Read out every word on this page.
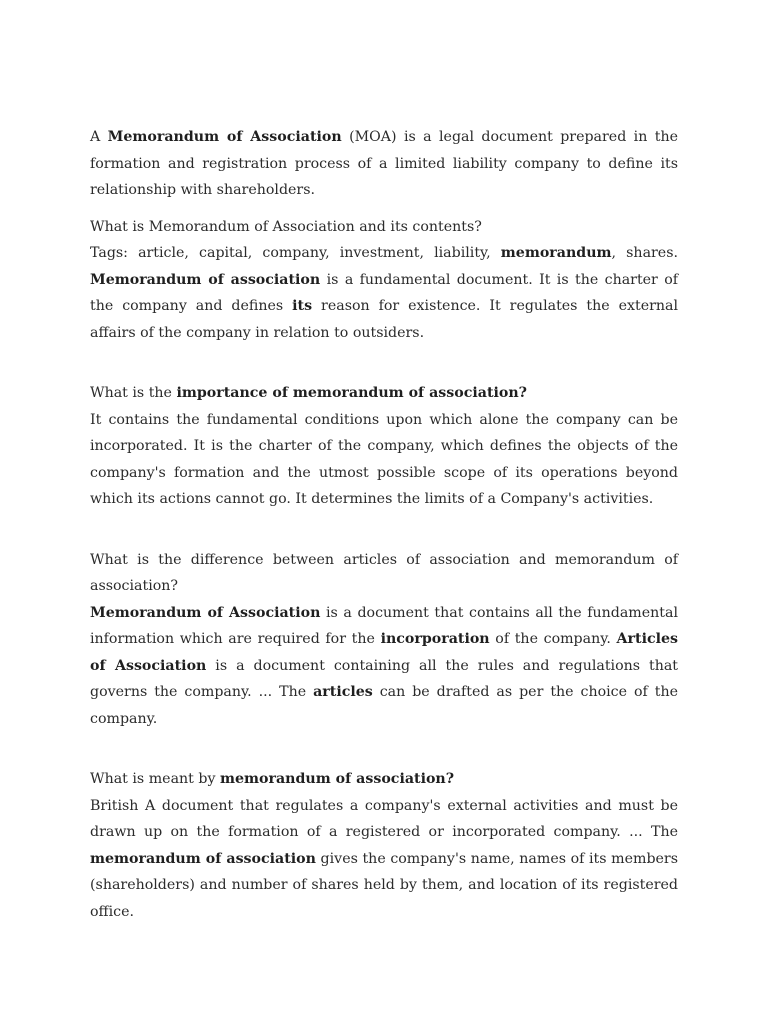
A Memorandum of Association (MOA) is a legal document prepared in the formation and registration process of a limited liability company to define its relationship with shareholders.

What is Memorandum of Association and its contents?

Tags: article, capital, company, investment, liability, memorandum, shares. Memorandum of association is a fundamental document. It is the charter of the company and defines its reason for existence. It regulates the external affairs of the company in relation to outsiders.

What is the importance of memorandum of association?

It contains the fundamental conditions upon which alone the company can be incorporated. It is the charter of the company, which defines the objects of the company's formation and the utmost possible scope of its operations beyond which its actions cannot go. It determines the limits of a Company's activities.

What is the difference between articles of association and memorandum of association?

Memorandum of Association is a document that contains all the fundamental information which are required for the incorporation of the company. Articles of Association is a document containing all the rules and regulations that governs the company. ... The articles can be drafted as per the choice of the company.

What is meant by memorandum of association?

British A document that regulates a company's external activities and must be drawn up on the formation of a registered or incorporated company. ... The memorandum of association gives the company's name, names of its members (shareholders) and number of shares held by them, and location of its registered office.
